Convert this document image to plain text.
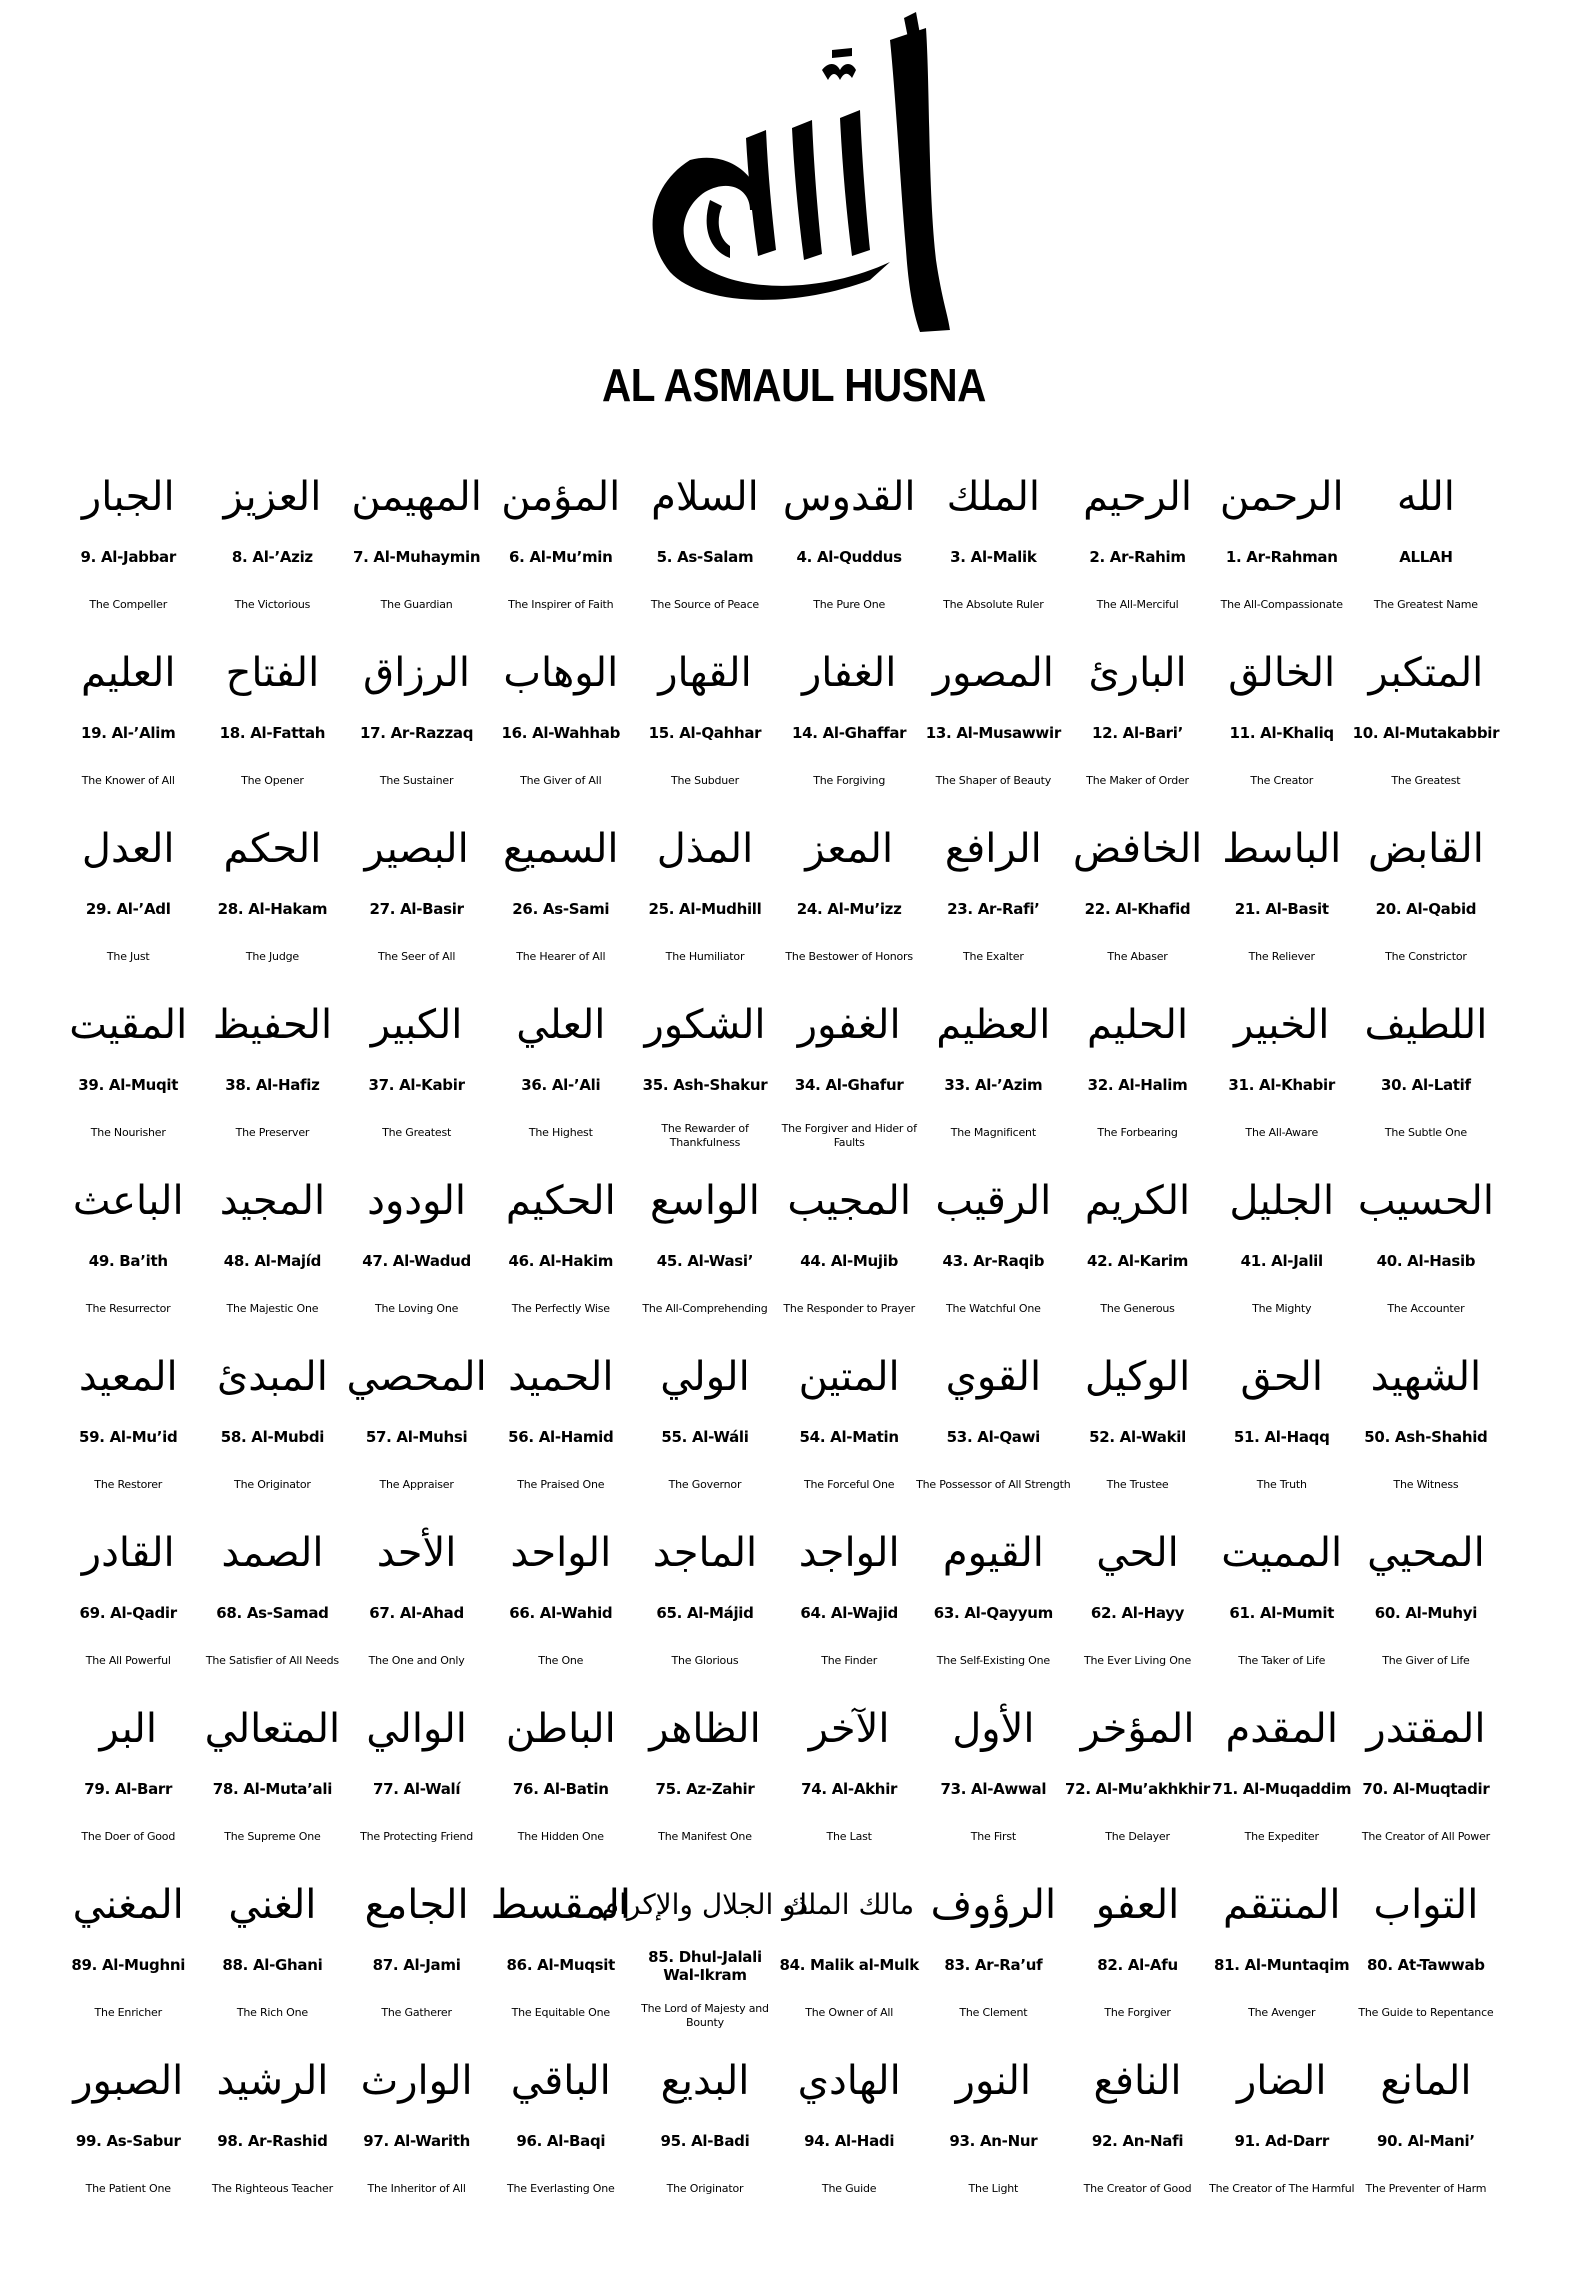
AL ASMAUL HUSNA
الله
ALLAH
The Greatest Name
الرحمن
1. Ar-Rahman
The All-Compassionate
الرحيم
2. Ar-Rahim
The All-Merciful
الملك
3. Al-Malik
The Absolute Ruler
القدوس
4. Al-Quddus
The Pure One
السلام
5. As-Salam
The Source of Peace
المؤمن
6. Al-Mu’min
The Inspirer of Faith
المهيمن
7. Al-Muhaymin
The Guardian
العزيز
8. Al-’Aziz
The Victorious
الجبار
9. Al-Jabbar
The Compeller
المتكبر
10. Al-Mutakabbir
The Greatest
الخالق
11. Al-Khaliq
The Creator
البارئ
12. Al-Bari’
The Maker of Order
المصور
13. Al-Musawwir
The Shaper of Beauty
الغفار
14. Al-Ghaffar
The Forgiving
القهار
15. Al-Qahhar
The Subduer
الوهاب
16. Al-Wahhab
The Giver of All
الرزاق
17. Ar-Razzaq
The Sustainer
الفتاح
18. Al-Fattah
The Opener
العليم
19. Al-’Alim
The Knower of All
القابض
20. Al-Qabid
The Constrictor
الباسط
21. Al-Basit
The Reliever
الخافض
22. Al-Khafid
The Abaser
الرافع
23. Ar-Rafi’
The Exalter
المعز
24. Al-Mu’izz
The Bestower of Honors
المذل
25. Al-Mudhill
The Humiliator
السميع
26. As-Sami
The Hearer of All
البصير
27. Al-Basir
The Seer of All
الحكم
28. Al-Hakam
The Judge
العدل
29. Al-’Adl
The Just
اللطيف
30. Al-Latif
The Subtle One
الخبير
31. Al-Khabir
The All-Aware
الحليم
32. Al-Halim
The Forbearing
العظيم
33. Al-’Azim
The Magnificent
الغفور
34. Al-Ghafur
The Forgiver and Hider of Faults
الشكور
35. Ash-Shakur
The Rewarder of Thankfulness
العلي
36. Al-’Ali
The Highest
الكبير
37. Al-Kabir
The Greatest
الحفيظ
38. Al-Hafiz
The Preserver
المقيت
39. Al-Muqit
The Nourisher
الحسيب
40. Al-Hasib
The Accounter
الجليل
41. Al-Jalil
The Mighty
الكريم
42. Al-Karim
The Generous
الرقيب
43. Ar-Raqib
The Watchful One
المجيب
44. Al-Mujib
The Responder to Prayer
الواسع
45. Al-Wasi’
The All-Comprehending
الحكيم
46. Al-Hakim
The Perfectly Wise
الودود
47. Al-Wadud
The Loving One
المجيد
48. Al-Majíd
The Majestic One
الباعث
49. Ba’ith
The Resurrector
الشهيد
50. Ash-Shahid
The Witness
الحق
51. Al-Haqq
The Truth
الوكيل
52. Al-Wakil
The Trustee
القوي
53. Al-Qawi
The Possessor of All Strength
المتين
54. Al-Matin
The Forceful One
الولي
55. Al-Wáli
The Governor
الحميد
56. Al-Hamid
The Praised One
المحصي
57. Al-Muhsi
The Appraiser
المبدئ
58. Al-Mubdi
The Originator
المعيد
59. Al-Mu’id
The Restorer
المحيي
60. Al-Muhyi
The Giver of Life
المميت
61. Al-Mumit
The Taker of Life
الحي
62. Al-Hayy
The Ever Living One
القيوم
63. Al-Qayyum
The Self-Existing One
الواجد
64. Al-Wajid
The Finder
الماجد
65. Al-Májid
The Glorious
الواحد
66. Al-Wahid
The One
الأحد
67. Al-Ahad
The One and Only
الصمد
68. As-Samad
The Satisfier of All Needs
القادر
69. Al-Qadir
The All Powerful
المقتدر
70. Al-Muqtadir
The Creator of All Power
المقدم
71. Al-Muqaddim
The Expediter
المؤخر
72. Al-Mu’akhkhir
The Delayer
الأول
73. Al-Awwal
The First
الآخر
74. Al-Akhir
The Last
الظاهر
75. Az-Zahir
The Manifest One
الباطن
76. Al-Batin
The Hidden One
الوالي
77. Al-Walí
The Protecting Friend
المتعالي
78. Al-Muta’ali
The Supreme One
البر
79. Al-Barr
The Doer of Good
التواب
80. At-Tawwab
The Guide to Repentance
المنتقم
81. Al-Muntaqim
The Avenger
العفو
82. Al-Afu
The Forgiver
الرؤوف
83. Ar-Ra’uf
The Clement
مالك الملك
84. Malik al-Mulk
The Owner of All
ذو الجلال والإكرام
85. Dhul-Jalali Wal-Ikram
The Lord of Majesty and Bounty
المقسط
86. Al-Muqsit
The Equitable One
الجامع
87. Al-Jami
The Gatherer
الغني
88. Al-Ghani
The Rich One
المغني
89. Al-Mughni
The Enricher
المانع
90. Al-Mani’
The Preventer of Harm
الضار
91. Ad-Darr
The Creator of The Harmful
النافع
92. An-Nafi
The Creator of Good
النور
93. An-Nur
The Light
الهادي
94. Al-Hadi
The Guide
البديع
95. Al-Badi
The Originator
الباقي
96. Al-Baqi
The Everlasting One
الوارث
97. Al-Warith
The Inheritor of All
الرشيد
98. Ar-Rashid
The Righteous Teacher
الصبور
99. As-Sabur
The Patient One
